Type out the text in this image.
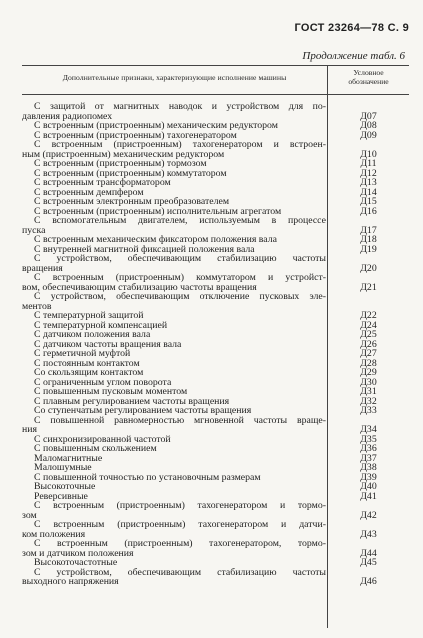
ГОСТ 23264—78 С. 9
Продолжение табл. 6
Дополнительные признаки, характеризующие исполнение машины
Условное
обозначение
С защитой от магнитных наводок и устройством для по-
давления радиопомех
С встроенным (пристроенным) механическим редуктором
С встроенным (пристроенным) тахогенератором
С встроенным (пристроенным) тахогенератором и встроен-
ным (пристроенным) механическим редуктором
С встроенным (пристроенным) тормозом
С встроенным (пристроенным) коммутатором
С встроенным трансформатором
С встроенным демпфером
С встроенным электронным преобразователем
С встроенным (пристроенным) исполнительным агрегатом
С вспомогательным двигателем, используемым в процессе
пуска
С встроенным механическим фиксатором положения вала
С внутренней магнитной фиксацией положения вала
С устройством, обеспечивающим стабилизацию частоты
вращения
С встроенным (пристроенным) коммутатором и устройст-
вом, обеспечивающим стабилизацию частоты вращения
С устройством, обеспечивающим отключение пусковых эле-
ментов
С температурной защитой
С температурной компенсацией
С датчиком положения вала
С датчиком частоты вращения вала
С герметичной муфтой
С постоянным контактом
Со скользящим контактом
С ограниченным углом поворота
С повышенным пусковым моментом
С плавным регулированием частоты вращения
Со ступенчатым регулированием частоты вращения
С повышенной равномерностью мгновенной частоты враще-
ния
С синхронизированной частотой
С повышенным скольжением
Маломагнитные
Малошумные
С повышенной точностью по установочным размерам
Высокоточные
Реверсивные
С встроенным (пристроенным) тахогенератором и тормо-
зом
С встроенным (пристроенным) тахогенератором и датчи-
ком положения
С встроенным (пристроенным) тахогенератором, тормо-
зом и датчиком положения
Высокоточастотные
С устройством, обеспечивающим стабилизацию частоты
выходного напряжения
Д07
Д08
Д09
Д10
Д11
Д12
Д13
Д14
Д15
Д16
Д17
Д18
Д19
Д20
Д21
Д22
Д24
Д25
Д26
Д27
Д28
Д29
Д30
Д31
Д32
Д33
Д34
Д35
Д36
Д37
Д38
Д39
Д40
Д41
Д42
Д43
Д44
Д45
Д46
